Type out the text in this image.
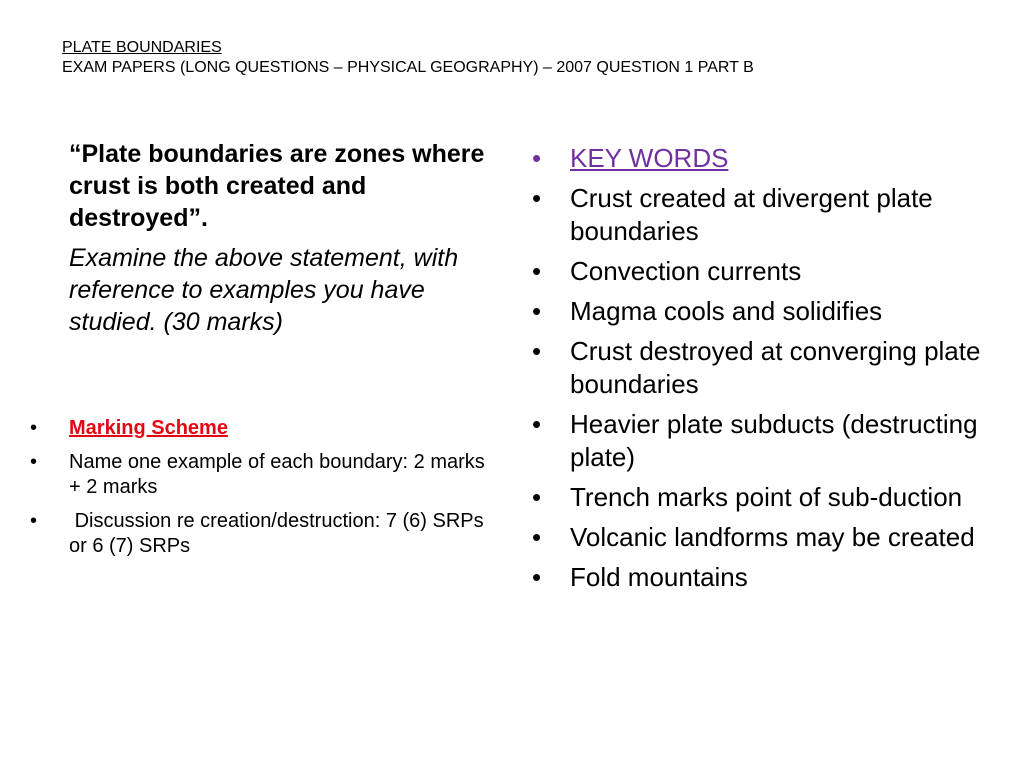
PLATE BOUNDARIES
EXAM PAPERS (LONG QUESTIONS – PHYSICAL GEOGRAPHY) – 2007 QUESTION 1 PART B

“Plate boundaries are zones where crust is both created and destroyed”.

Examine the above statement, with reference to examples you have studied. (30 marks)

• Marking Scheme
• Name one example of each boundary: 2 marks + 2 marks
• Discussion re creation/destruction: 7 (6) SRPs or 6 (7) SRPs
• KEY WORDS
• Crust created at divergent plate boundaries
• Convection currents
• Magma cools and solidifies
• Crust destroyed at converging plate boundaries
• Heavier plate subducts (destructing plate)
• Trench marks point of sub-duction
• Volcanic landforms may be created
• Fold mountains
